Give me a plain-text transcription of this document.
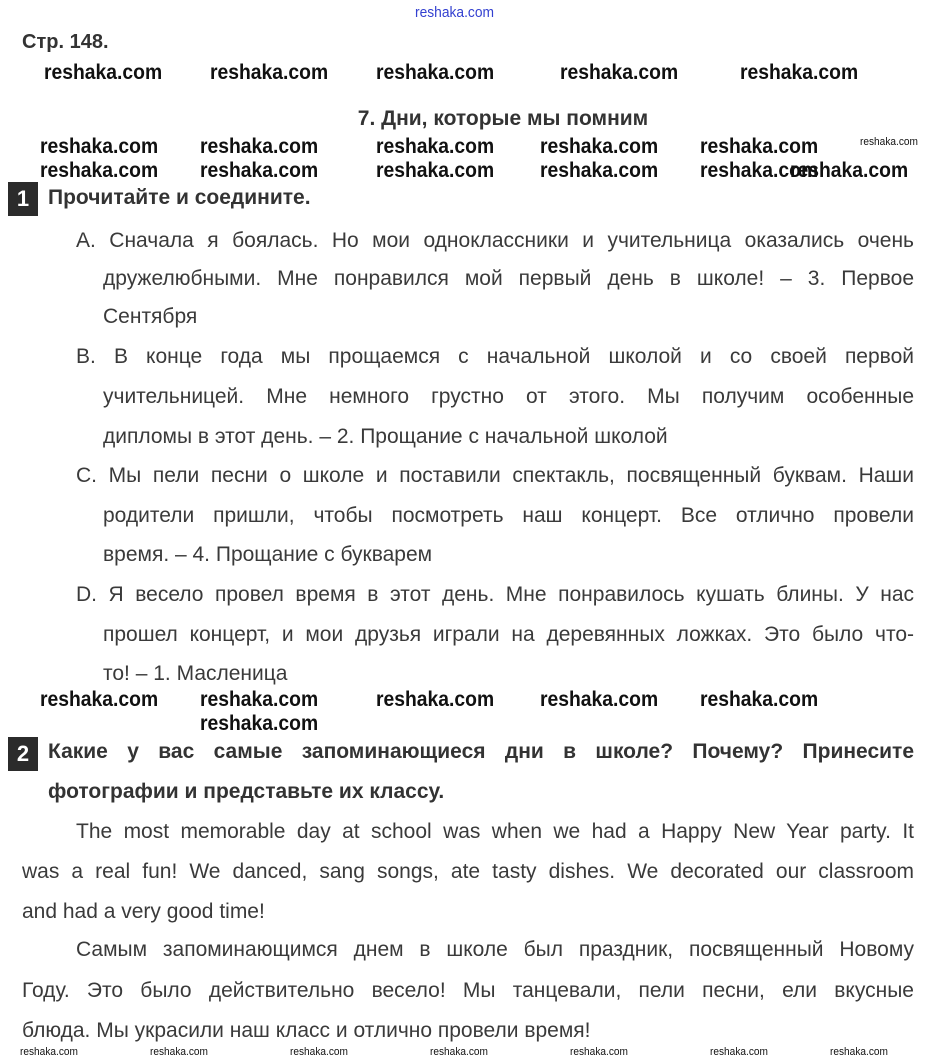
Стр. 148.
7. Дни, которые мы помним
1 Прочитайте и соедините.
A. Сначала я боялась. Но мои одноклассники и учительница оказались очень
дружелюбными. Мне понравился мой первый день в школе! – 3. Первое
Сентября
B. В конце года мы прощаемся с начальной школой и со своей первой
учительницей. Мне немного грустно от этого. Мы получим особенные
дипломы в этот день. – 2. Прощание с начальной школой
C. Мы пели песни о школе и поставили спектакль, посвященный буквам. Наши
родители пришли, чтобы посмотреть наш концерт. Все отлично провели
время. – 4. Прощание с букварем
D. Я весело провел время в этот день. Мне понравилось кушать блины. У нас
прошел концерт, и мои друзья играли на деревянных ложках. Это было что-
то! – 1. Масленица
2 Какие у вас самые запоминающиеся дни в школе? Почему? Принесите
фотографии и представьте их классу.
The most memorable day at school was when we had a Happy New Year party. It
was a real fun! We danced, sang songs, ate tasty dishes. We decorated our classroom
and had a very good time!
Самым запоминающимся днем в школе был праздник, посвященный Новому
Году. Это было действительно весело! Мы танцевали, пели песни, ели вкусные
блюда. Мы украсили наш класс и отлично провели время!
reshaka.com
reshaka.com reshaka.com reshaka.com	reshaka.com	reshaka.com
reshaka.com reshaka.com	reshaka.com reshaka.com reshaka.com
reshaka.com
reshaka.com reshaka.com	reshaka.com reshaka.com reshaka.com
reshaka.com
reshaka.com reshaka.com	reshaka.com reshaka.com reshaka.com
reshaka.com
reshaka.com	reshaka.com	reshaka.com	reshaka.com	reshaka.com	reshaka.com	reshaka.com
